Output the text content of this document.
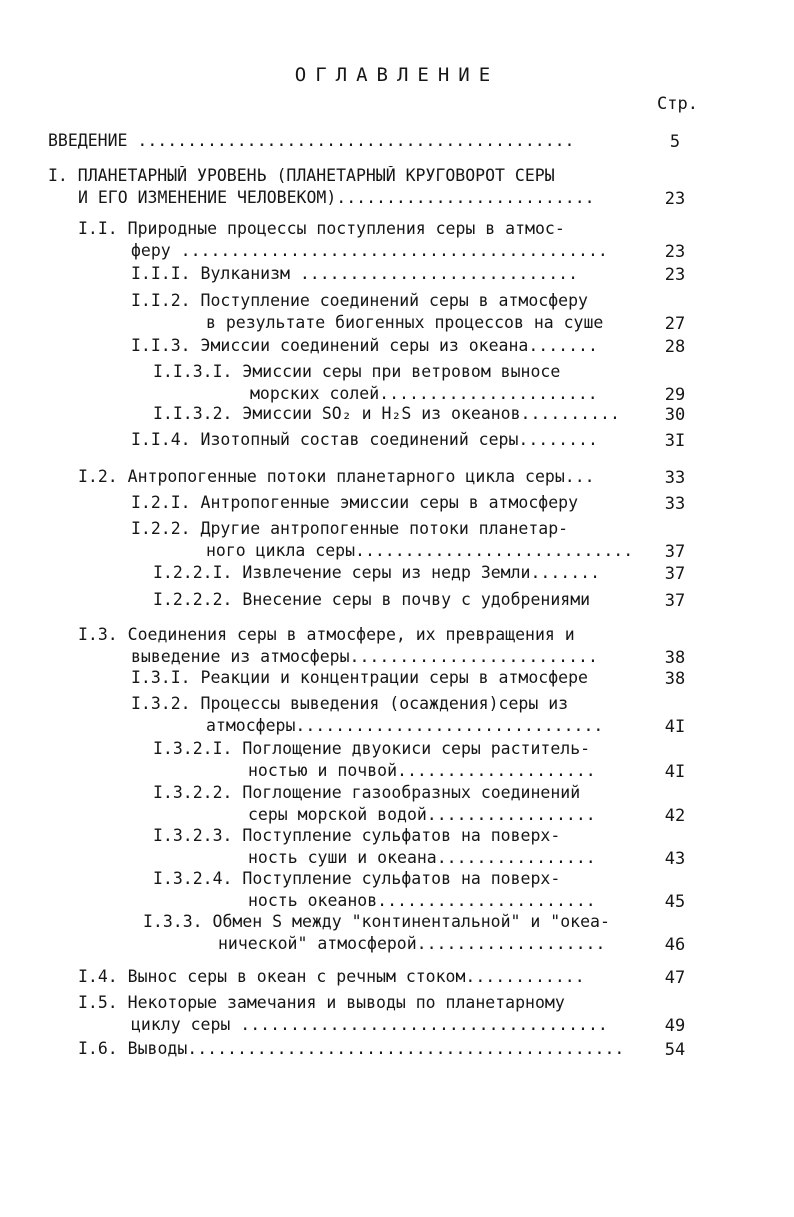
ОГЛАВЛЕНИЕ
Стр.
ВВЕДЕНИЕ ............................................	5
I. ПЛАНЕТАРНЫЙ УРОВЕНЬ (ПЛАНЕТАРНЫЙ КРУГОВОРОТ СЕРЫ
И ЕГО ИЗМЕНЕНИЕ ЧЕЛОВЕКОМ)..........................	23
I.I. Природные процессы поступления серы в атмос-
феру ...........................................	23
I.I.I. Вулканизм ............................	23
I.I.2. Поступление соединений серы в атмосферу
в результате биогенных процессов на суше	27
I.I.3. Эмиссии соединений серы из океана.......	28
I.I.3.I. Эмиссии серы при ветровом выносе
морских солей......................	29
I.I.3.2. Эмиссии SO₂ и H₂S из океанов..........	30
I.I.4. Изотопный состав соединений серы........	3I
I.2. Антропогенные потоки планетарного цикла серы...	33
I.2.I. Антропогенные эмиссии серы в атмосферу	33
I.2.2. Другие антропогенные потоки планетар-
ного цикла серы............................	37
I.2.2.I. Извлечение серы из недр Земли.......	37
I.2.2.2. Внесение серы в почву с удобрениями	37
I.3. Соединения серы в атмосфере, их превращения и
выведение из атмосферы.........................	38
I.3.I. Реакции и концентрации серы в атмосфере	38
I.3.2. Процессы выведения (осаждения)серы из
атмосферы...............................	4I
I.3.2.I. Поглощение двуокиси серы раститель-
ностью и почвой....................	4I
I.3.2.2. Поглощение газообразных соединений
серы морской водой.................	42
I.3.2.3. Поступление сульфатов на поверх-
ность суши и океана................	43
I.3.2.4. Поступление сульфатов на поверх-
ность океанов......................	45
I.3.3. Обмен S между "континентальной" и "океа-
нической" атмосферой...................	46
I.4. Вынос серы в океан с речным стоком............	47
I.5. Некоторые замечания и выводы по планетарному
циклу серы .....................................	49
I.6. Выводы............................................	54
